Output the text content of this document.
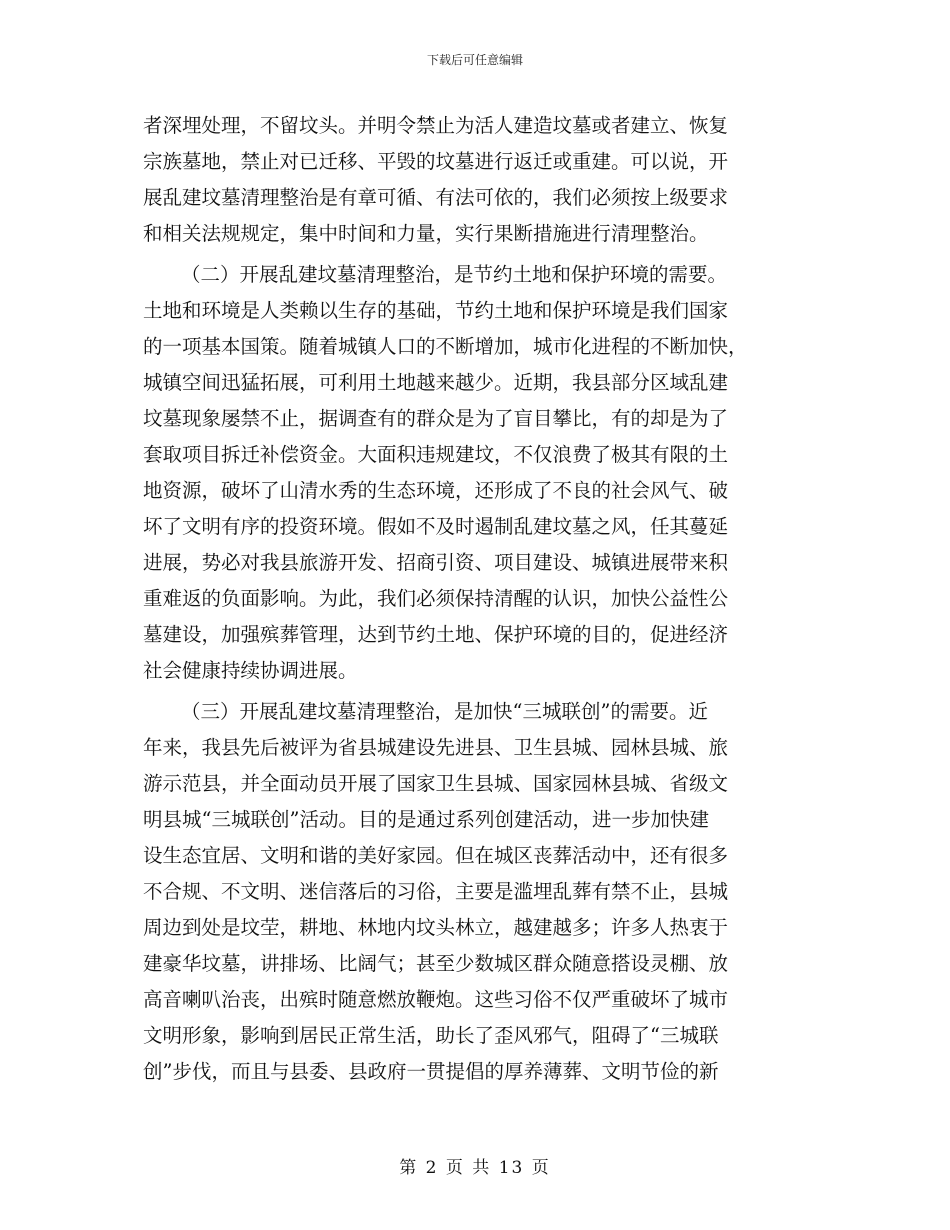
下载后可任意编辑
者深埋处理，不留坟头。并明令禁止为活人建造坟墓或者建立、恢复
宗族墓地，禁止对已迁移、平毁的坟墓进行返迁或重建。可以说，开
展乱建坟墓清理整治是有章可循、有法可依的，我们必须按上级要求
和相关法规规定，集中时间和力量，实行果断措施进行清理整治。
（二）开展乱建坟墓清理整治，是节约土地和保护环境的需要。
土地和环境是人类赖以生存的基础，节约土地和保护环境是我们国家
的一项基本国策。随着城镇人口的不断增加，城市化进程的不断加快，
城镇空间迅猛拓展，可利用土地越来越少。近期，我县部分区域乱建
坟墓现象屡禁不止，据调查有的群众是为了盲目攀比，有的却是为了
套取项目拆迁补偿资金。大面积违规建坟，不仅浪费了极其有限的土
地资源，破坏了山清水秀的生态环境，还形成了不良的社会风气、破
坏了文明有序的投资环境。假如不及时遏制乱建坟墓之风，任其蔓延
进展，势必对我县旅游开发、招商引资、项目建设、城镇进展带来积
重难返的负面影响。为此，我们必须保持清醒的认识，加快公益性公
墓建设，加强殡葬管理，达到节约土地、保护环境的目的，促进经济
社会健康持续协调进展。
（三）开展乱建坟墓清理整治，是加快“三城联创”的需要。近
年来，我县先后被评为省县城建设先进县、卫生县城、园林县城、旅
游示范县，并全面动员开展了国家卫生县城、国家园林县城、省级文
明县城“三城联创”活动。目的是通过系列创建活动，进一步加快建
设生态宜居、文明和谐的美好家园。但在城区丧葬活动中，还有很多
不合规、不文明、迷信落后的习俗，主要是滥埋乱葬有禁不止，县城
周边到处是坟茔，耕地、林地内坟头林立，越建越多；许多人热衷于
建豪华坟墓，讲排场、比阔气；甚至少数城区群众随意搭设灵棚、放
高音喇叭治丧，出殡时随意燃放鞭炮。这些习俗不仅严重破坏了城市
文明形象，影响到居民正常生活，助长了歪风邪气，阻碍了“三城联
创”步伐，而且与县委、县政府一贯提倡的厚养薄葬、文明节俭的新
第 2 页 共 13 页
